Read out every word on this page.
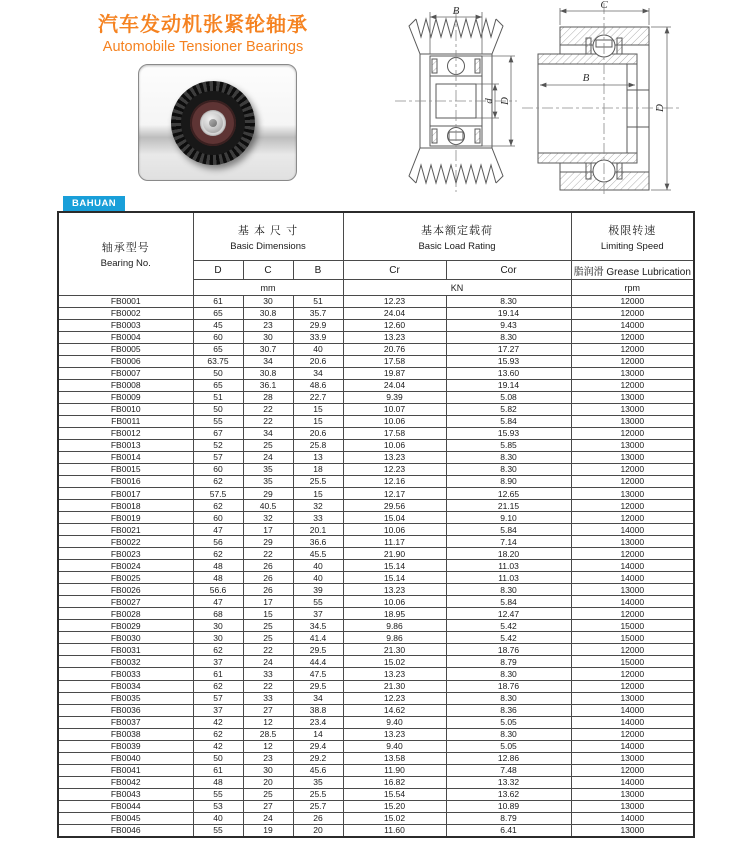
汽车发动机张紧轮轴承
Automobile Tensioner Bearings
B
d D
C
B
D
BAHUAN
轴承型号
Bearing No.

基 本 尺 寸
Basic Dimensions

基本额定载荷
Basic Load Rating

极限转速
Limiting Speed

	D	C	B	Cr	Cor	脂润滑 Grease Lubrication
	mm			KN		rpm
FB0001	61	30	51	12.23	8.30	12000
FB0002	65	30.8	35.7	24.04	19.14	12000
FB0003	45	23	29.9	12.60	9.43	14000
FB0004	60	30	33.9	13.23	8.30	12000
FB0005	65	30.7	40	20.76	17.27	12000
FB0006	63.75	34	20.6	17.58	15.93	12000
FB0007	50	30.8	34	19.87	13.60	13000
FB0008	65	36.1	48.6	24.04	19.14	12000
FB0009	51	28	22.7	9.39	5.08	13000
FB0010	50	22	15	10.07	5.82	13000
FB0011	55	22	15	10.06	5.84	13000
FB0012	67	34	20.6	17.58	15.93	12000
FB0013	52	25	25.8	10.06	5.85	13000
FB0014	57	24	13	13.23	8.30	13000
FB0015	60	35	18	12.23	8.30	12000
FB0016	62	35	25.5	12.16	8.90	12000
FB0017	57.5	29	15	12.17	12.65	13000
FB0018	62	40.5	32	29.56	21.15	12000
FB0019	60	32	33	15.04	9.10	12000
FB0021	47	17	20.1	10.06	5.84	14000
FB0022	56	29	36.6	11.17	7.14	13000
FB0023	62	22	45.5	21.90	18.20	12000
FB0024	48	26	40	15.14	11.03	14000
FB0025	48	26	40	15.14	11.03	14000
FB0026	56.6	26	39	13.23	8.30	13000
FB0027	47	17	55	10.06	5.84	14000
FB0028	68	15	37	18.95	12.47	12000
FB0029	30	25	34.5	9.86	5.42	15000
FB0030	30	25	41.4	9.86	5.42	15000
FB0031	62	22	29.5	21.30	18.76	12000
FB0032	37	24	44.4	15.02	8.79	15000
FB0033	61	33	47.5	13.23	8.30	12000
FB0034	62	22	29.5	21.30	18.76	12000
FB0035	57	33	34	12.23	8.30	13000
FB0036	37	27	38.8	14.62	8.36	14000
FB0037	42	12	23.4	9.40	5.05	14000
FB0038	62	28.5	14	13.23	8.30	12000
FB0039	42	12	29.4	9.40	5.05	14000
FB0040	50	23	29.2	13.58	12.86	13000
FB0041	61	30	45.6	11.90	7.48	12000
FB0042	48	20	35	16.82	13.32	14000
FB0043	55	25	25.5	15.54	13.62	13000
FB0044	53	27	25.7	15.20	10.89	13000
FB0045	40	24	26	15.02	8.79	14000
FB0046	55	19	20	11.60	6.41	13000
